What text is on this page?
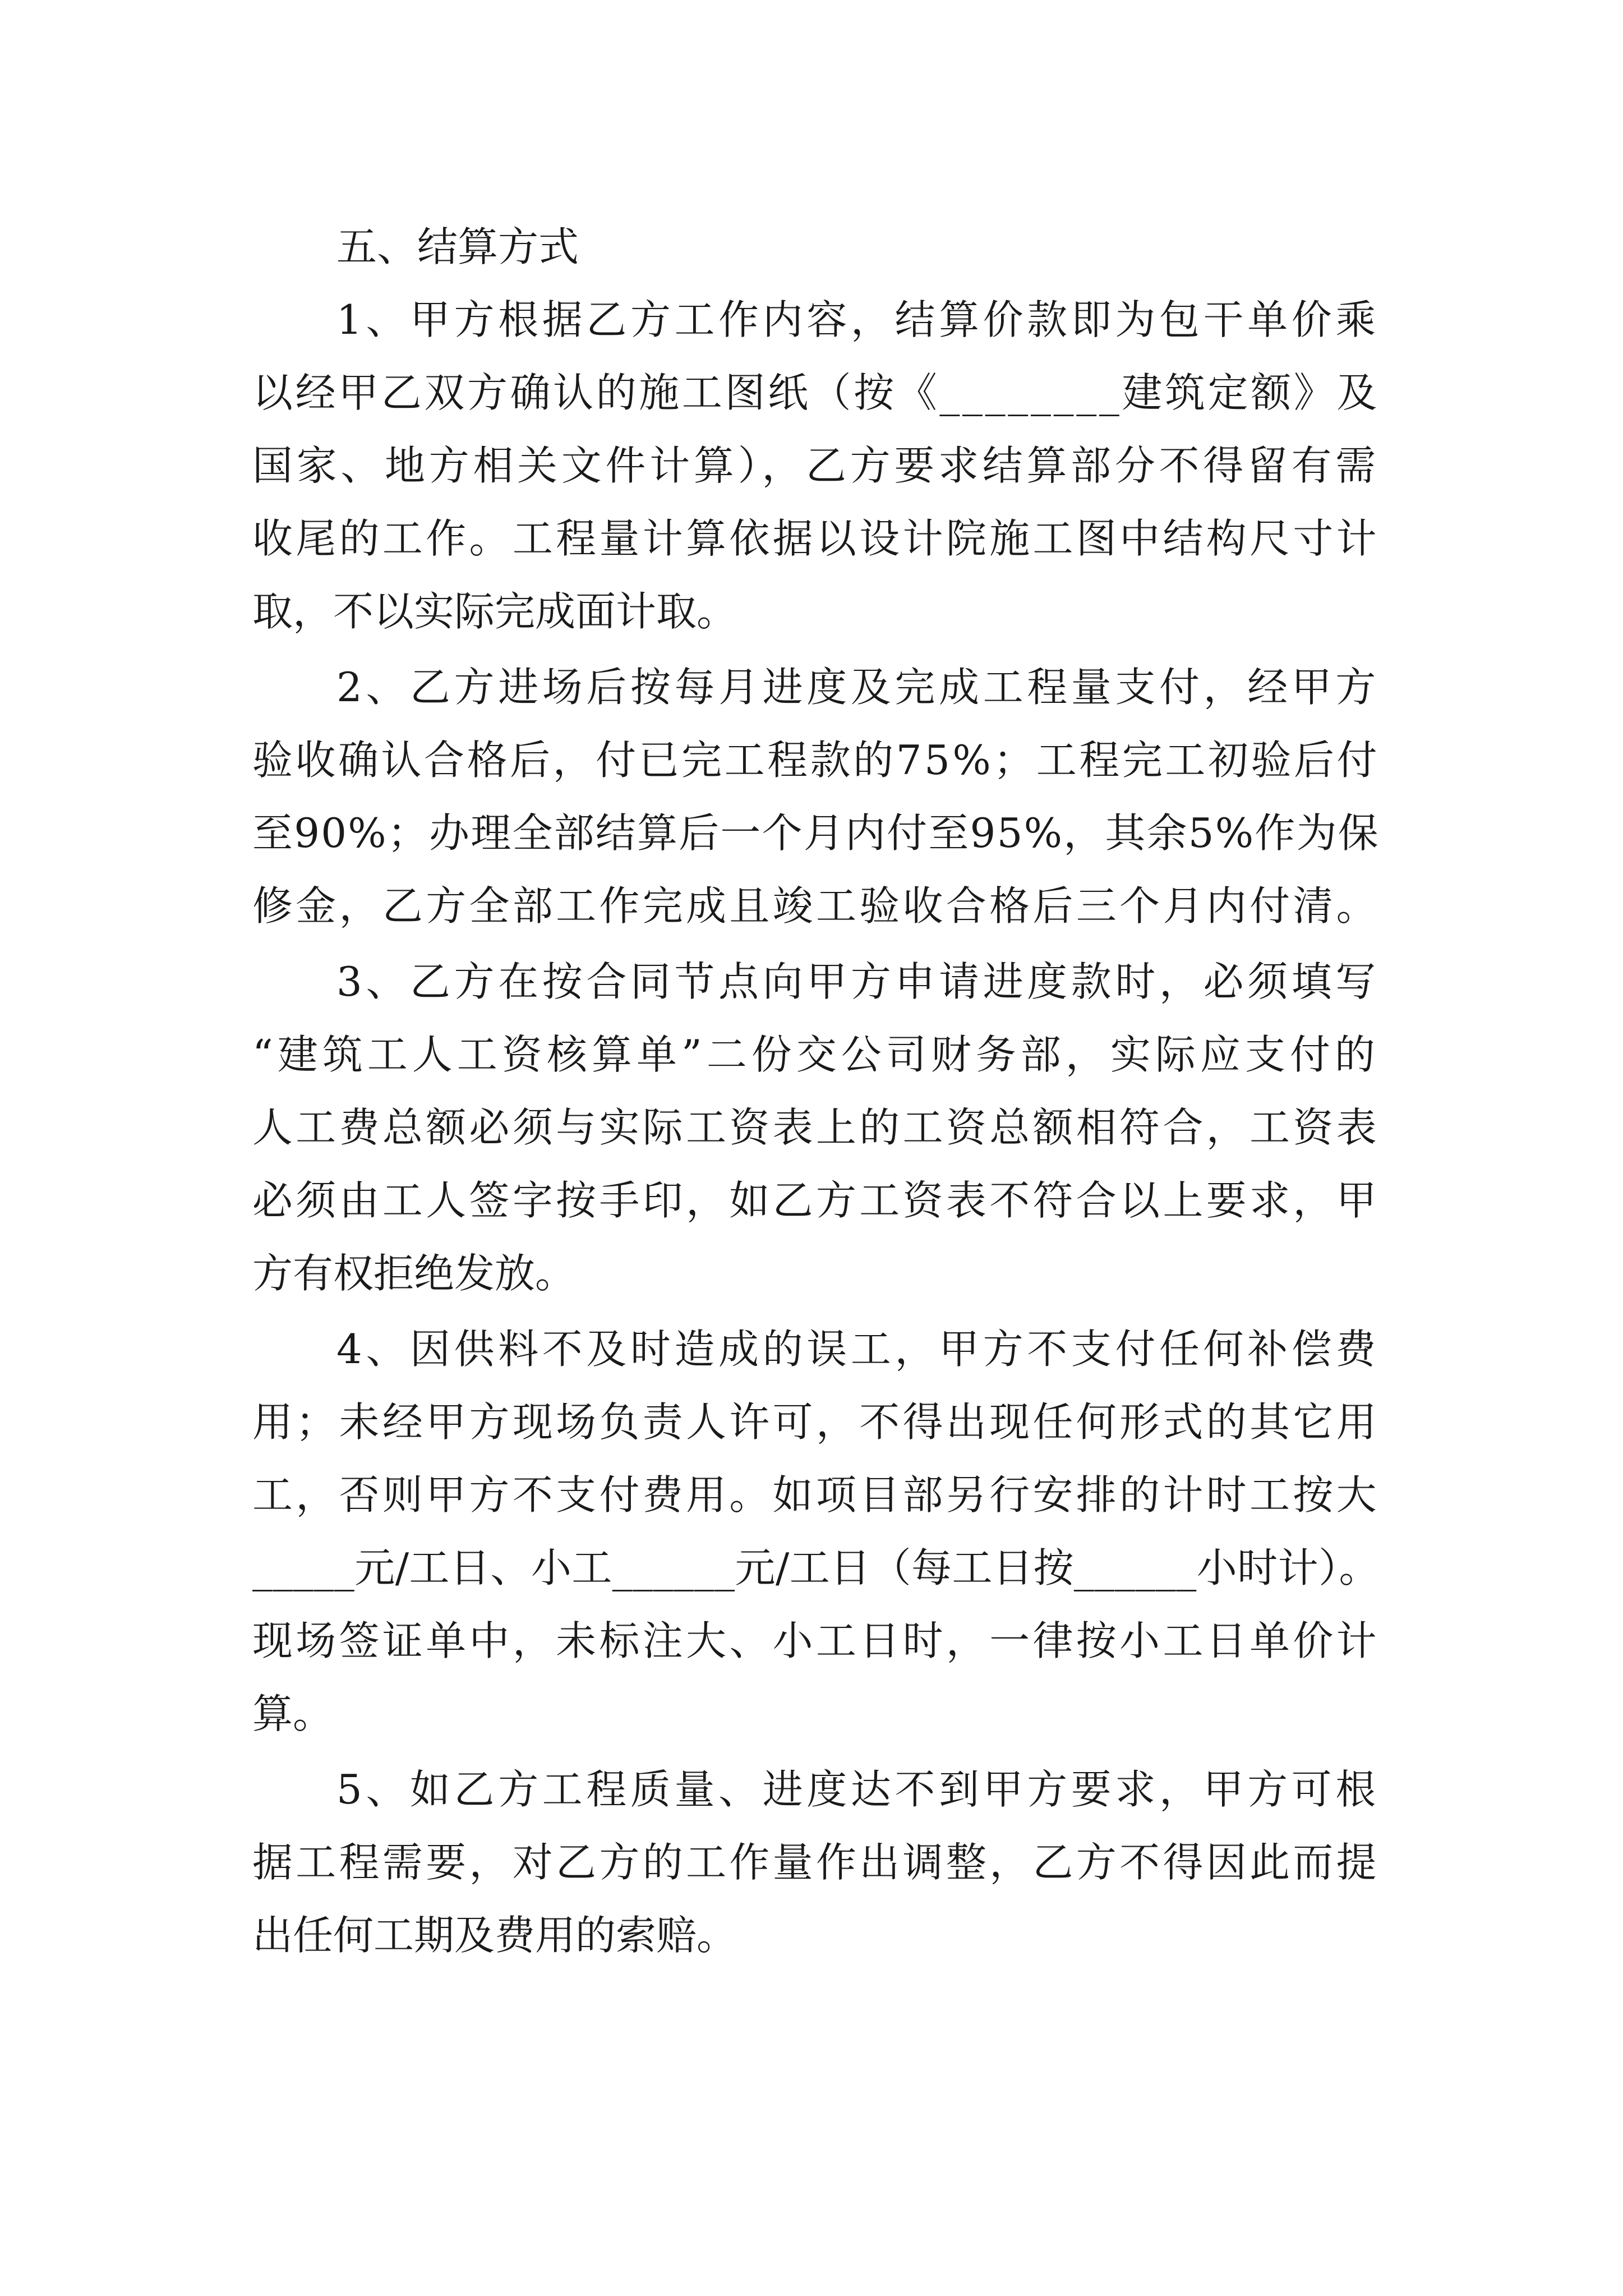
五、结算方式
1、甲方根据乙方工作内容，结算价款即为包干单价乘
以经甲乙双方确认的施工图纸（按《________建筑定额》及
国家、地方相关文件计算），乙方要求结算部分不得留有需
收尾的工作。工程量计算依据以设计院施工图中结构尺寸计
取，不以实际完成面计取。
2、乙方进场后按每月进度及完成工程量支付，经甲方
验收确认合格后，付已完工程款的75%；工程完工初验后付
至90%；办理全部结算后一个月内付至95%，其余5%作为保
修金，乙方全部工作完成且竣工验收合格后三个月内付清。
3、乙方在按合同节点向甲方申请进度款时，必须填写
“建筑工人工资核算单”二份交公司财务部，实际应支付的
人工费总额必须与实际工资表上的工资总额相符合，工资表
必须由工人签字按手印，如乙方工资表不符合以上要求，甲
方有权拒绝发放。
4、因供料不及时造成的误工，甲方不支付任何补偿费
用；未经甲方现场负责人许可，不得出现任何形式的其它用
工，否则甲方不支付费用。如项目部另行安排的计时工按大
_____元/工日、小工______元/工日（每工日按______小时计）。
现场签证单中，未标注大、小工日时，一律按小工日单价计
算。
5、如乙方工程质量、进度达不到甲方要求，甲方可根
据工程需要，对乙方的工作量作出调整，乙方不得因此而提
出任何工期及费用的索赔。
